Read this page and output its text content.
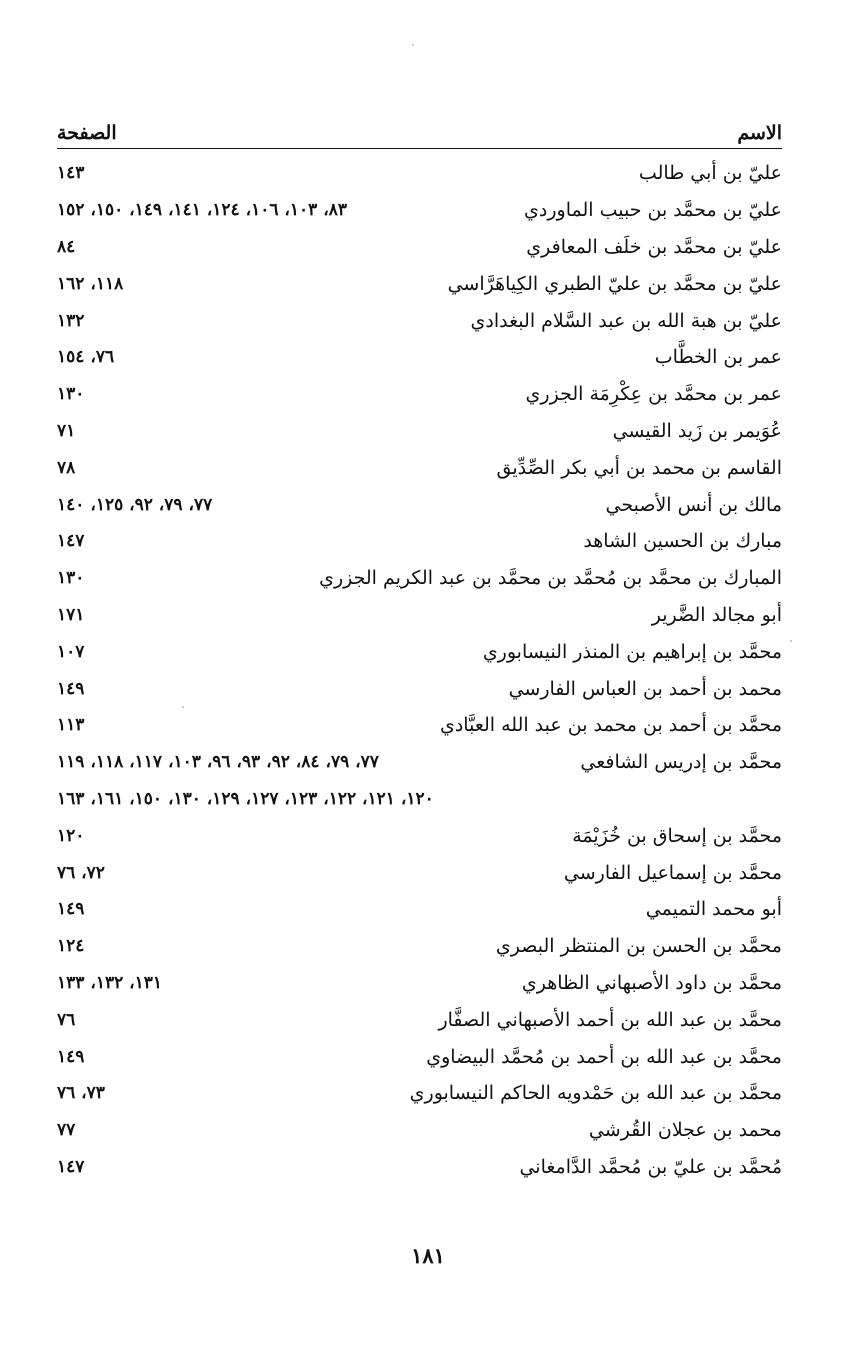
الاسم
الصفحة
عليّ بن أبي طالب
١٤٣
عليّ بن محمَّد بن حبيب الماوردي
٨٣، ١٠٣، ١٠٦، ١٢٤، ١٤١، ١٤٩، ١٥٠، ١٥٢
عليّ بن محمَّد بن خلَف المعافري
٨٤
عليّ بن محمَّد بن عليّ الطبري الكِياهَرَّاسي
١١٨، ١٦٢
عليّ بن هبة الله بن عبد السَّلام البغدادي
١٣٢
عمر بن الخطَّاب
٧٦، ١٥٤
عمر بن محمَّد بن عِكْرِمَة الجزري
١٣٠
عُوَيمر بن زَيد القيسي
٧١
القاسم بن محمد بن أبي بكر الصِّدِّيق
٧٨
مالك بن أنس الأصبحي
٧٧، ٧٩، ٩٢، ١٢٥، ١٤٠
مبارك بن الحسين الشاهد
١٤٧
المبارك بن محمَّد بن مُحمَّد بن محمَّد بن عبد الكريم الجزري
١٣٠
أبو مجالد الضَّرير
١٧١
محمَّد بن إبراهيم بن المنذر النيسابوري
١٠٧
محمد بن أحمد بن العباس الفارسي
١٤٩
محمَّد بن أحمد بن محمد بن عبد الله العبَّادي
١١٣
محمَّد بن إدريس الشافعي
٧٧، ٧٩، ٨٤، ٩٢، ٩٣، ٩٦، ١٠٣، ١١٧، ١١٨، ١١٩
١٢٠، ١٢١، ١٢٢، ١٢٣، ١٢٧، ١٢٩، ١٣٠، ١٥٠، ١٦١، ١٦٣
محمَّد بن إسحاق بن خُزَيْمَة
١٢٠
محمَّد بن إسماعيل الفارسي
٧٢، ٧٦
أبو محمد التميمي
١٤٩
محمَّد بن الحسن بن المنتظر البصري
١٢٤
محمَّد بن داود الأصبهاني الظاهري
١٣١، ١٣٢، ١٣٣
محمَّد بن عبد الله بن أحمد الأصبهاني الصفَّار
٧٦
محمَّد بن عبد الله بن أحمد بن مُحمَّد البيضاوي
١٤٩
محمَّد بن عبد الله بن حَمْدويه الحاكم النيسابوري
٧٣، ٧٦
محمد بن عجلان القُرشي
٧٧
مُحمَّد بن عليّ بن مُحمَّد الدَّامغاني
١٤٧
١٨١
